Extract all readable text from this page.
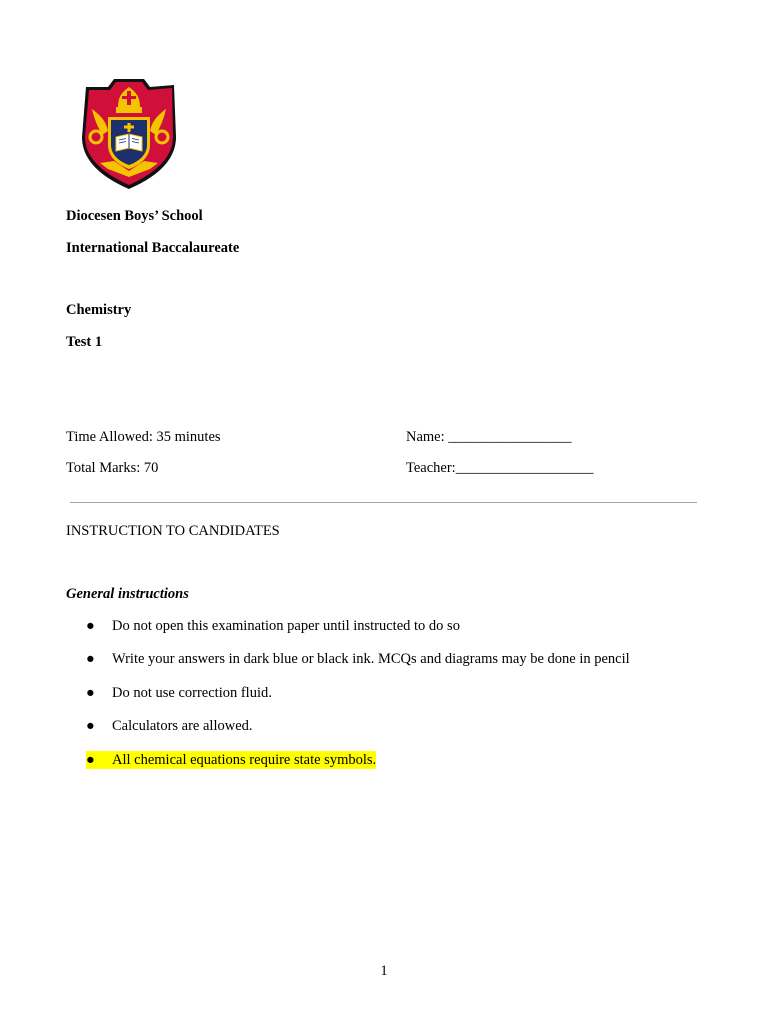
Diocesen Boys’ School
International Baccalaureate
Chemistry
Test 1
Time Allowed: 35 minutes
Total Marks: 70
Name: _________________
Teacher:___________________
INSTRUCTION TO CANDIDATES
General instructions
● Do not open this examination paper until instructed to do so
● Write your answers in dark blue or black ink. MCQs and diagrams may be done in pencil
● Do not use correction fluid.
● Calculators are allowed.
● All chemical equations require state symbols.
1
